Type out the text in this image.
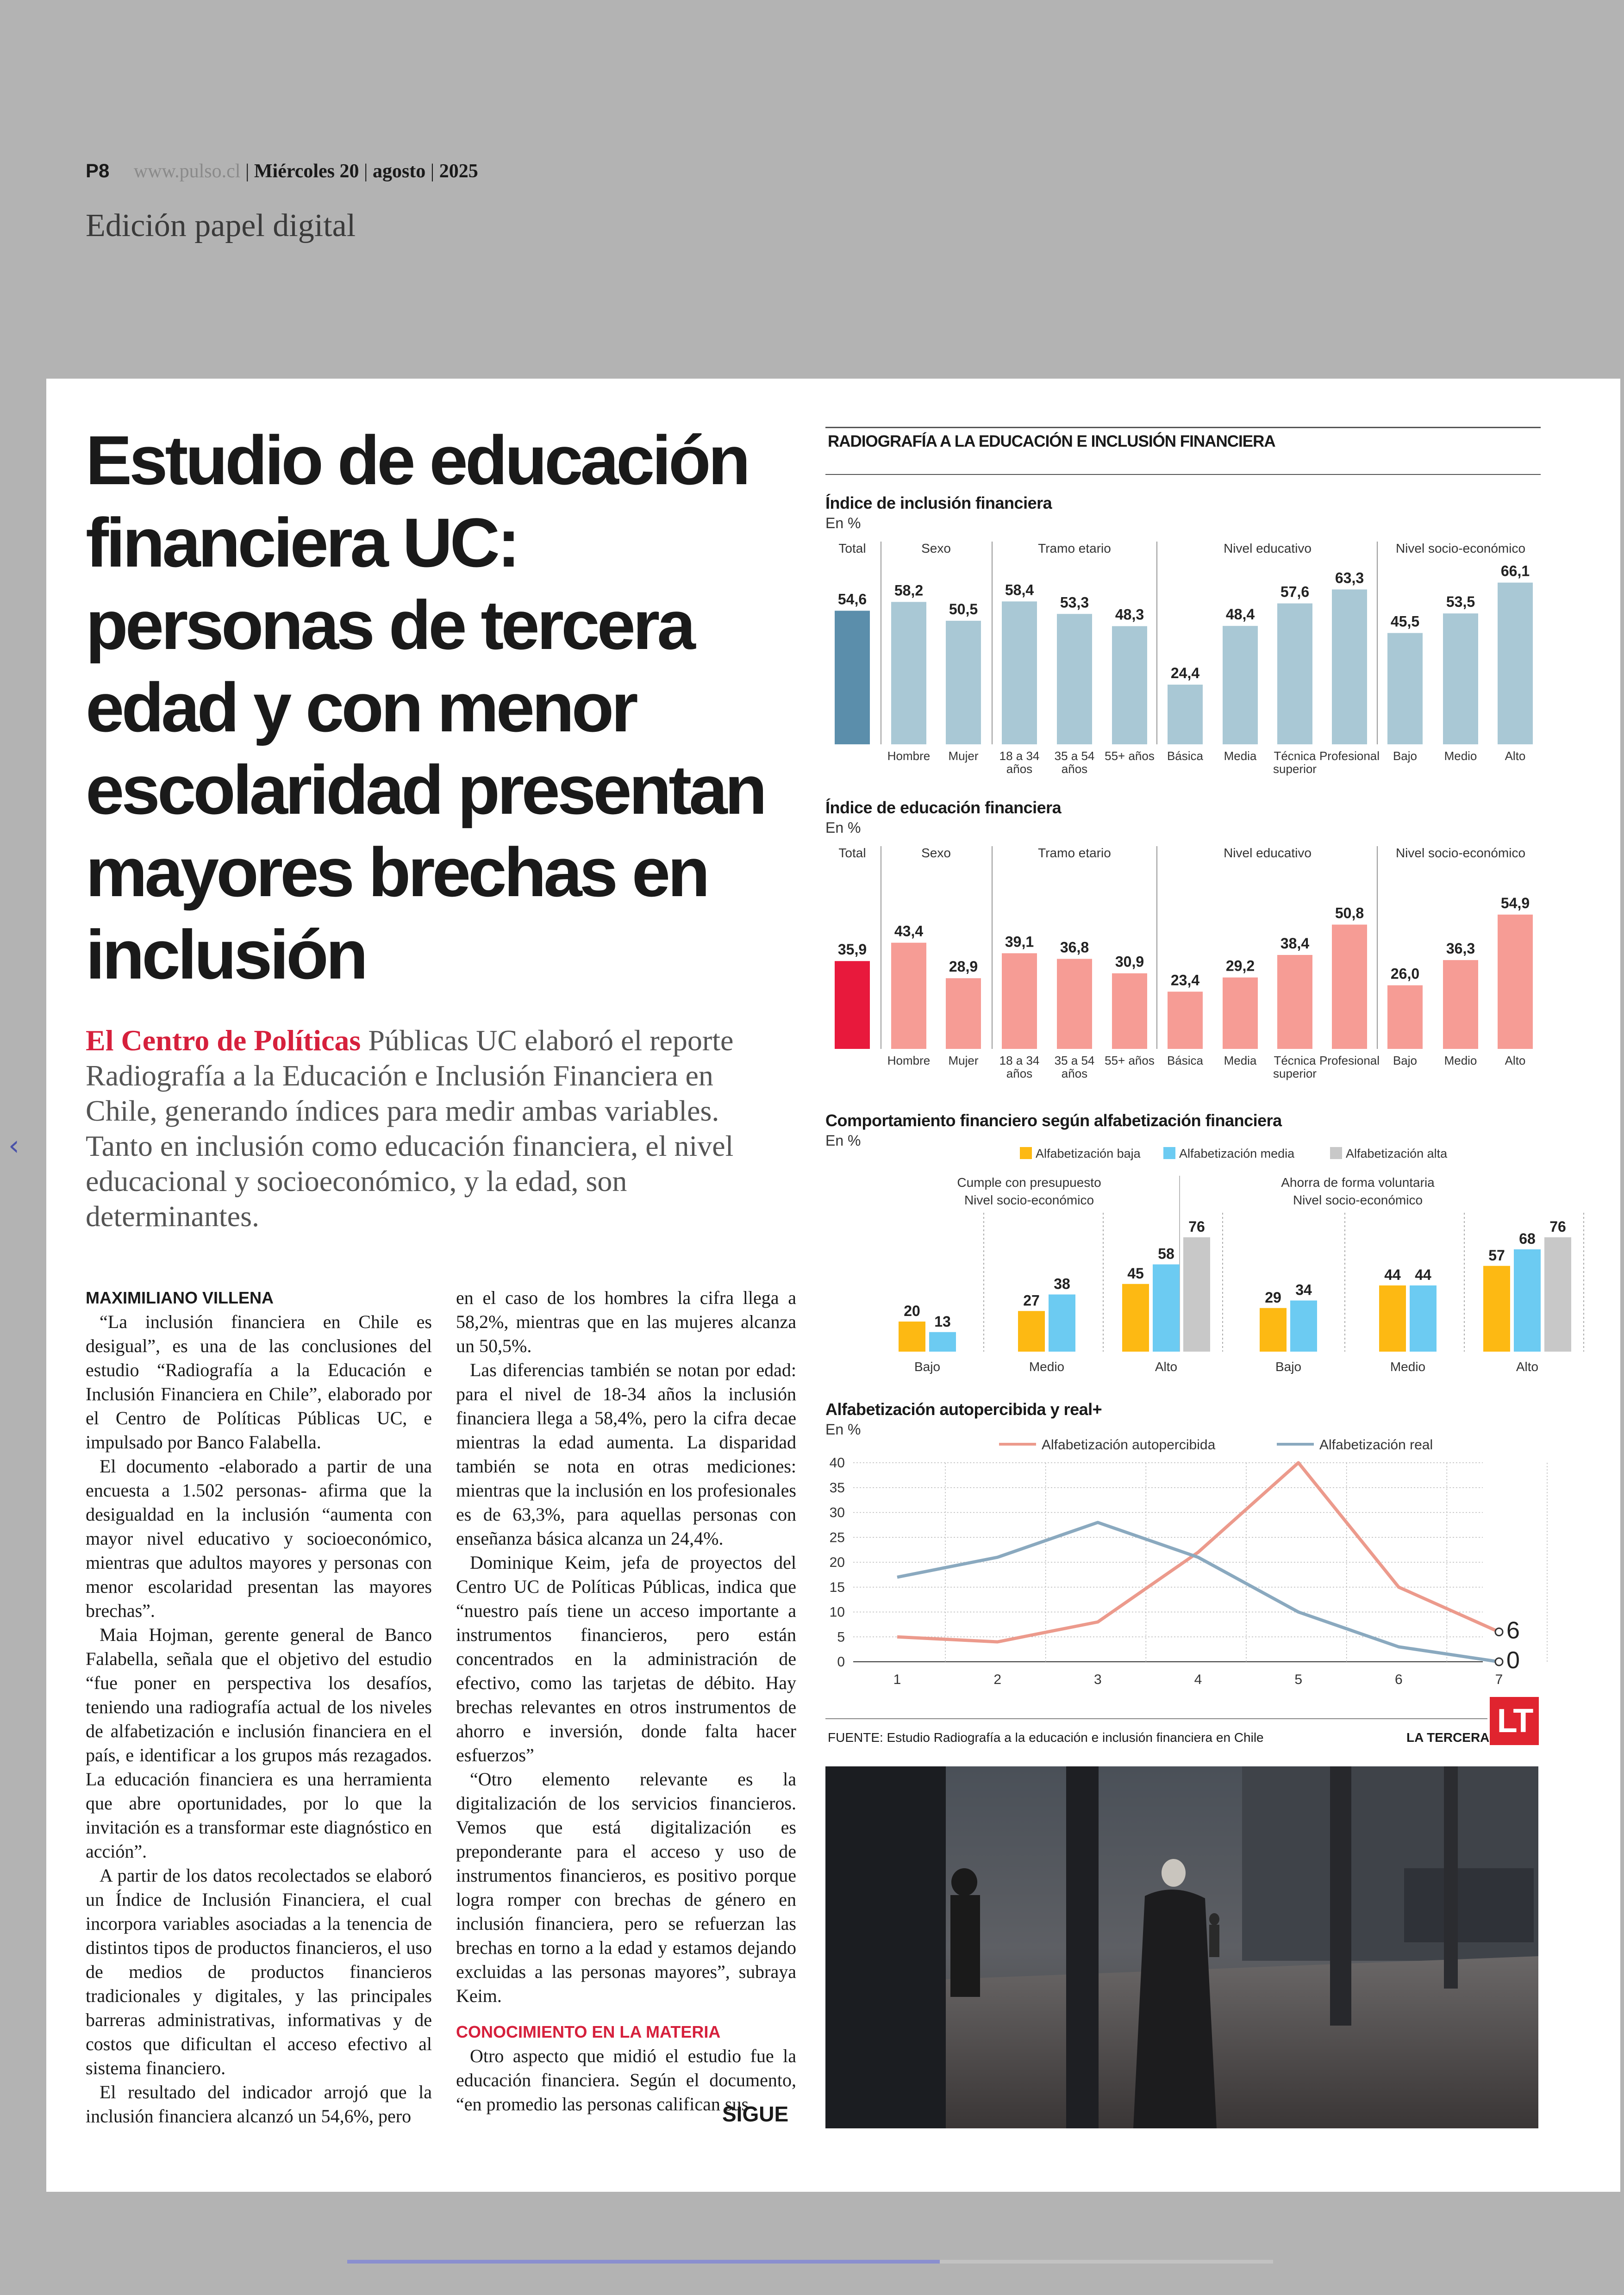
P8 www.pulso.cl | Miércoles 20 | agosto | 2025
Edición papel digital
‹
Estudio de educación financiera UC: personas de tercera edad y con menor escolaridad presentan mayores brechas en inclusión
El Centro de Políticas Públicas UC elaboró el reporte Radiografía a la Educación e Inclusión Financiera en Chile, generando índices para medir ambas variables. Tanto en inclusión como educación financiera, el nivel educacional y socioeconómico, y la edad, son determinantes.

MAXIMILIANO VILLENA

“La inclusión financiera en Chile es desigual”, es una de las conclusiones del estudio “Radiografía a la Educación e Inclusión Financiera en Chile”, elaborado por el Centro de Políticas Públicas UC, e impulsado por Banco Falabella.

El documento -elaborado a partir de una encuesta a 1.502 personas- afirma que la desigualdad en la inclusión “aumenta con mayor nivel educativo y socioeconómico, mientras que adultos mayores y personas con menor escolaridad presentan las mayores brechas”.

Maia Hojman, gerente general de Banco Falabella, señala que el objetivo del estudio “fue poner en perspectiva los desafíos, teniendo una radiografía actual de los niveles de alfabetización e inclusión financiera en el país, e identificar a los grupos más rezagados. La educación financiera es una herramienta que abre oportunidades, por lo que la invitación es a transformar este diagnóstico en acción”.

A partir de los datos recolectados se elaboró un Índice de Inclusión Financiera, el cual incorpora variables asociadas a la tenencia de distintos tipos de productos financieros, el uso de medios de productos financieros tradicionales y digitales, y las principales barreras administrativas, informativas y de costos que dificultan el acceso efectivo al sistema financiero.

El resultado del indicador arrojó que la inclusión financiera alcanzó un 54,6%, pero

en el caso de los hombres la cifra llega a 58,2%, mientras que en las mujeres alcanza un 50,5%.

Las diferencias también se notan por edad: para el nivel de 18-34 años la inclusión financiera llega a 58,4%, pero la cifra decae mientras la edad aumenta. La disparidad también se nota en otras mediciones: mientras que la inclusión en los profesionales es de 63,3%, para aquellas personas con enseñanza básica alcanza un 24,4%.

Dominique Keim, jefa de proyectos del Centro UC de Políticas Públicas, indica que “nuestro país tiene un acceso importante a instrumentos financieros, pero están concentrados en la administración de efectivo, como las tarjetas de débito. Hay brechas relevantes en otros instrumentos de ahorro e inversión, donde falta hacer esfuerzos”

“Otro elemento relevante es la digitalización de los servicios financieros. Vemos que está digitalización es preponderante para el acceso y uso de instrumentos financieros, es positivo porque logra romper con brechas de género en inclusión financiera, pero se refuerzan las brechas en torno a la edad y estamos dejando excluidas a las personas mayores”, subraya Keim.

CONOCIMIENTO EN LA MATERIA

Otro aspecto que midió el estudio fue la educación financiera. Según el documento, “en promedio las personas califican sus

SIGUE
RADIOGRAFÍA A LA EDUCACIÓN E INCLUSIÓN FINANCIERA
Índice de inclusión financiera
En %
Total	Sexo	Tramo etario	Nivel educativo	Nivel socio-económico
54,6
58,2
Hombre
50,5
Mujer
58,4
18 a 34
años
53,3
35 a 54
años
48,3
55+ años
24,4
Básica
48,4
Media
57,6
Técnica
superior
63,3
Profesional
45,5
Bajo
53,5
Medio
66,1
Alto
Índice de educación financiera
En %
Total	Sexo	Tramo etario	Nivel educativo	Nivel socio-económico
35,9
43,4
Hombre
28,9
Mujer
39,1
18 a 34
años
36,8
35 a 54
años
30,9
55+ años
23,4
Básica
29,2
Media
38,4
Técnica
superior
50,8
Profesional
26,0
Bajo
36,3
Medio
54,9
Alto
Comportamiento financiero según alfabetización financiera
En %
Alfabetización baja	Alfabetización media	Alfabetización alta
Cumple con presupuesto
Nivel socio-económico
20
13
Bajo
27
38
Medio
45
58
76
Alto
Ahorra de forma voluntaria
Nivel socio-económico
29 34
Bajo
44 44
Medio
57
68
76
Alto
Alfabetización autopercibida y real+
En %
Alfabetización autopercibida	Alfabetización real
0
5
10
15
20
25
30
35
40
1	2	3	4	5	6	7
6
0
FUENTE: Estudio Radiografía a la educación e inclusión financiera en Chile	LA TERCERA LT
